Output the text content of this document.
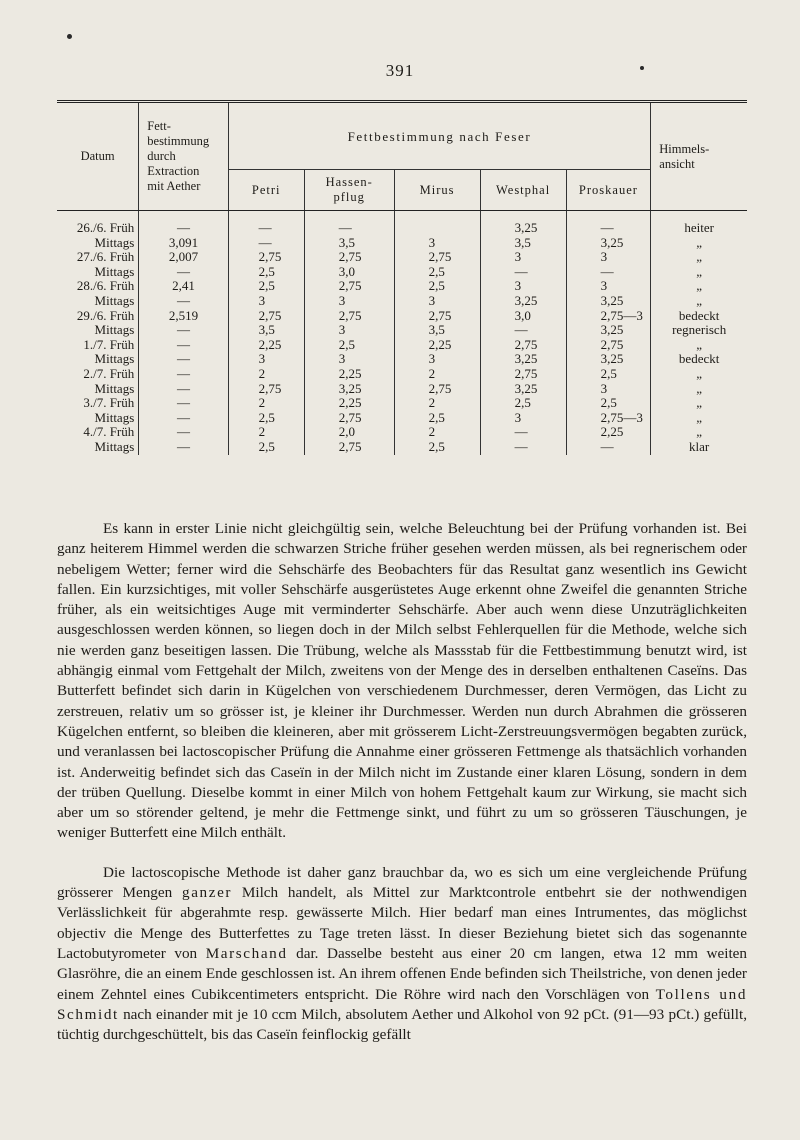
391
Datum	Fett-
bestimmung
durch
Extraction
mit Aether	Fettbestimmung nach Feser					Himmels-
ansicht
		Petri	Hassen-
pflug	Mirus	Westphal	Proskauer	
26./6. Früh	—	—	—		3,25	—	heiter
Mittags	3,091	—	3,5	3	3,5	3,25	„
27./6. Früh	2,007	2,75	2,75	2,75	3	3	„
Mittags	—	2,5	3,0	2,5	—	—	„
28./6. Früh	2,41	2,5	2,75	2,5	3	3	„
Mittags	—	3	3	3	3,25	3,25	„
29./6. Früh	2,519	2,75	2,75	2,75	3,0	2,75—3	bedeckt
Mittags	—	3,5	3	3,5	—	3,25	regnerisch
1./7. Früh	—	2,25	2,5	2,25	2,75	2,75	„
Mittags	—	3	3	3	3,25	3,25	bedeckt
2./7. Früh	—	2	2,25	2	2,75	2,5	„
Mittags	—	2,75	3,25	2,75	3,25	3	„
3./7. Früh	—	2	2,25	2	2,5	2,5	„
Mittags	—	2,5	2,75	2,5	3	2,75—3	„
4./7. Früh	—	2	2,0	2	—	2,25	„
Mittags	—	2,5	2,75	2,5	—	—	klar

Es kann in erster Linie nicht gleichgültig sein, welche Beleuchtung bei der Prüfung vorhanden ist. Bei ganz heiterem Himmel werden die schwarzen Striche früher gesehen werden müssen, als bei regnerischem oder nebeligem Wetter; ferner wird die Sehschärfe des Beobachters für das Resultat ganz wesentlich ins Gewicht fallen. Ein kurzsichtiges, mit voller Sehschärfe ausgerüstetes Auge erkennt ohne Zweifel die genannten Striche früher, als ein weitsichtiges Auge mit verminderter Sehschärfe. Aber auch wenn diese Unzuträglichkeiten ausgeschlossen werden können, so liegen doch in der Milch selbst Fehlerquellen für die Methode, welche sich nie werden ganz beseitigen lassen. Die Trübung, welche als Massstab für die Fettbestimmung benutzt wird, ist abhängig einmal vom Fettgehalt der Milch, zweitens von der Menge des in derselben enthaltenen Caseïns. Das Butterfett befindet sich darin in Kügelchen von verschiedenem Durchmesser, deren Vermögen, das Licht zu zerstreuen, relativ um so grösser ist, je kleiner ihr Durchmesser. Werden nun durch Abrahmen die grösseren Kügelchen entfernt, so bleiben die kleineren, aber mit grösserem Licht-Zerstreuungsvermögen begabten zurück, und veranlassen bei lactoscopischer Prüfung die Annahme einer grösseren Fettmenge als thatsächlich vorhanden ist. Anderweitig befindet sich das Caseïn in der Milch nicht im Zustande einer klaren Lösung, sondern in dem der trüben Quellung. Dieselbe kommt in einer Milch von hohem Fettgehalt kaum zur Wirkung, sie macht sich aber um so störender geltend, je mehr die Fettmenge sinkt, und führt zu um so grösseren Täuschungen, je weniger Butterfett eine Milch enthält.

Die lactoscopische Methode ist daher ganz brauchbar da, wo es sich um eine vergleichende Prüfung grösserer Mengen ganzer Milch handelt, als Mittel zur Marktcontrole entbehrt sie der nothwendigen Verlässlichkeit für abgerahmte resp. gewässerte Milch. Hier bedarf man eines Intrumentes, das möglichst objectiv die Menge des Butterfettes zu Tage treten lässt. In dieser Beziehung bietet sich das sogenannte Lactobutyrometer von Marschand dar. Dasselbe besteht aus einer 20 cm langen, etwa 12 mm weiten Glasröhre, die an einem Ende geschlossen ist. An ihrem offenen Ende befinden sich Theilstriche, von denen jeder einem Zehntel eines Cubikcentimeters entspricht. Die Röhre wird nach den Vorschlägen von Tollens und Schmidt nach einander mit je 10 ccm Milch, absolutem Aether und Alkohol von 92 pCt. (91—93 pCt.) gefüllt, tüchtig durchgeschüttelt, bis das Caseïn feinflockig gefällt
